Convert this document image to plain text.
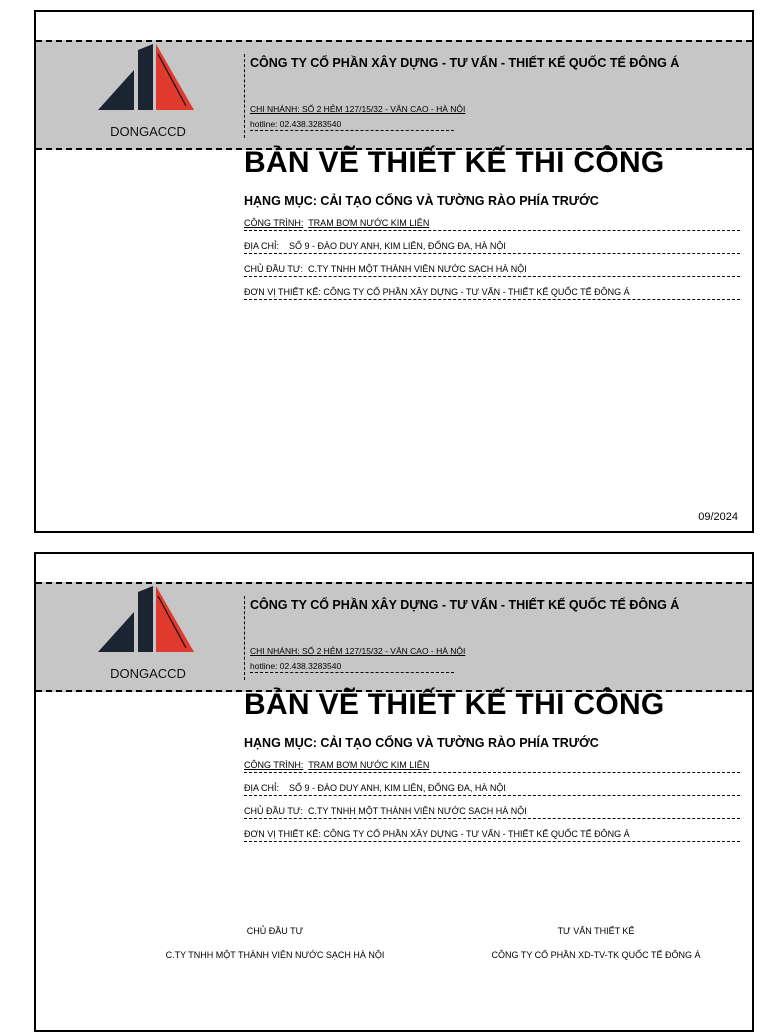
DONGACCD
CÔNG TY CỔ PHẦN XÂY DỰNG - TƯ VẤN - THIẾT KẾ QUỐC TẾ ĐÔNG Á
CHI NHÁNH: SỐ 2 HẺM 127/15/32 - VĂN CAO - HÀ NỘI
hotline: 02.438.3283540
BẢN VẼ THIẾT KẾ THI CÔNG
HẠNG MỤC: CẢI TẠO CỔNG VÀ TƯỜNG RÀO PHÍA TRƯỚC
CÔNG TRÌNH: TRẠM BƠM NƯỚC KIM LIÊN
ĐỊA CHỈ: SỐ 9 - ĐÀO DUY ANH, KIM LIÊN, ĐỐNG ĐA, HÀ NỘI
CHỦ ĐẦU TƯ: C.TY TNHH MỘT THÀNH VIÊN NƯỚC SẠCH HÀ NỘI
ĐƠN VỊ THIẾT KẾ: CÔNG TY CỔ PHẦN XÂY DỰNG - TƯ VẤN - THIẾT KẾ QUỐC TẾ ĐÔNG Á
09/2024
DONGACCD
CÔNG TY CỔ PHẦN XÂY DỰNG - TƯ VẤN - THIẾT KẾ QUỐC TẾ ĐÔNG Á
CHI NHÁNH: SỐ 2 HẺM 127/15/32 - VĂN CAO - HÀ NỘI
hotline: 02.438.3283540
BẢN VẼ THIẾT KẾ THI CÔNG
HẠNG MỤC: CẢI TẠO CỔNG VÀ TƯỜNG RÀO PHÍA TRƯỚC
CÔNG TRÌNH: TRẠM BƠM NƯỚC KIM LIÊN
ĐỊA CHỈ: SỐ 9 - ĐÀO DUY ANH, KIM LIÊN, ĐỐNG ĐA, HÀ NỘI
CHỦ ĐẦU TƯ: C.TY TNHH MỘT THÀNH VIÊN NƯỚC SẠCH HÀ NỘI
ĐƠN VỊ THIẾT KẾ: CÔNG TY CỔ PHẦN XÂY DỰNG - TƯ VẤN - THIẾT KẾ QUỐC TẾ ĐÔNG Á
CHỦ ĐẦU TƯ
C.TY TNHH MỘT THÀNH VIÊN NƯỚC SẠCH HÀ NỘI
TƯ VẤN THIẾT KẾ
CÔNG TY CỔ PHẦN XD-TV-TK QUỐC TẾ ĐÔNG Á
